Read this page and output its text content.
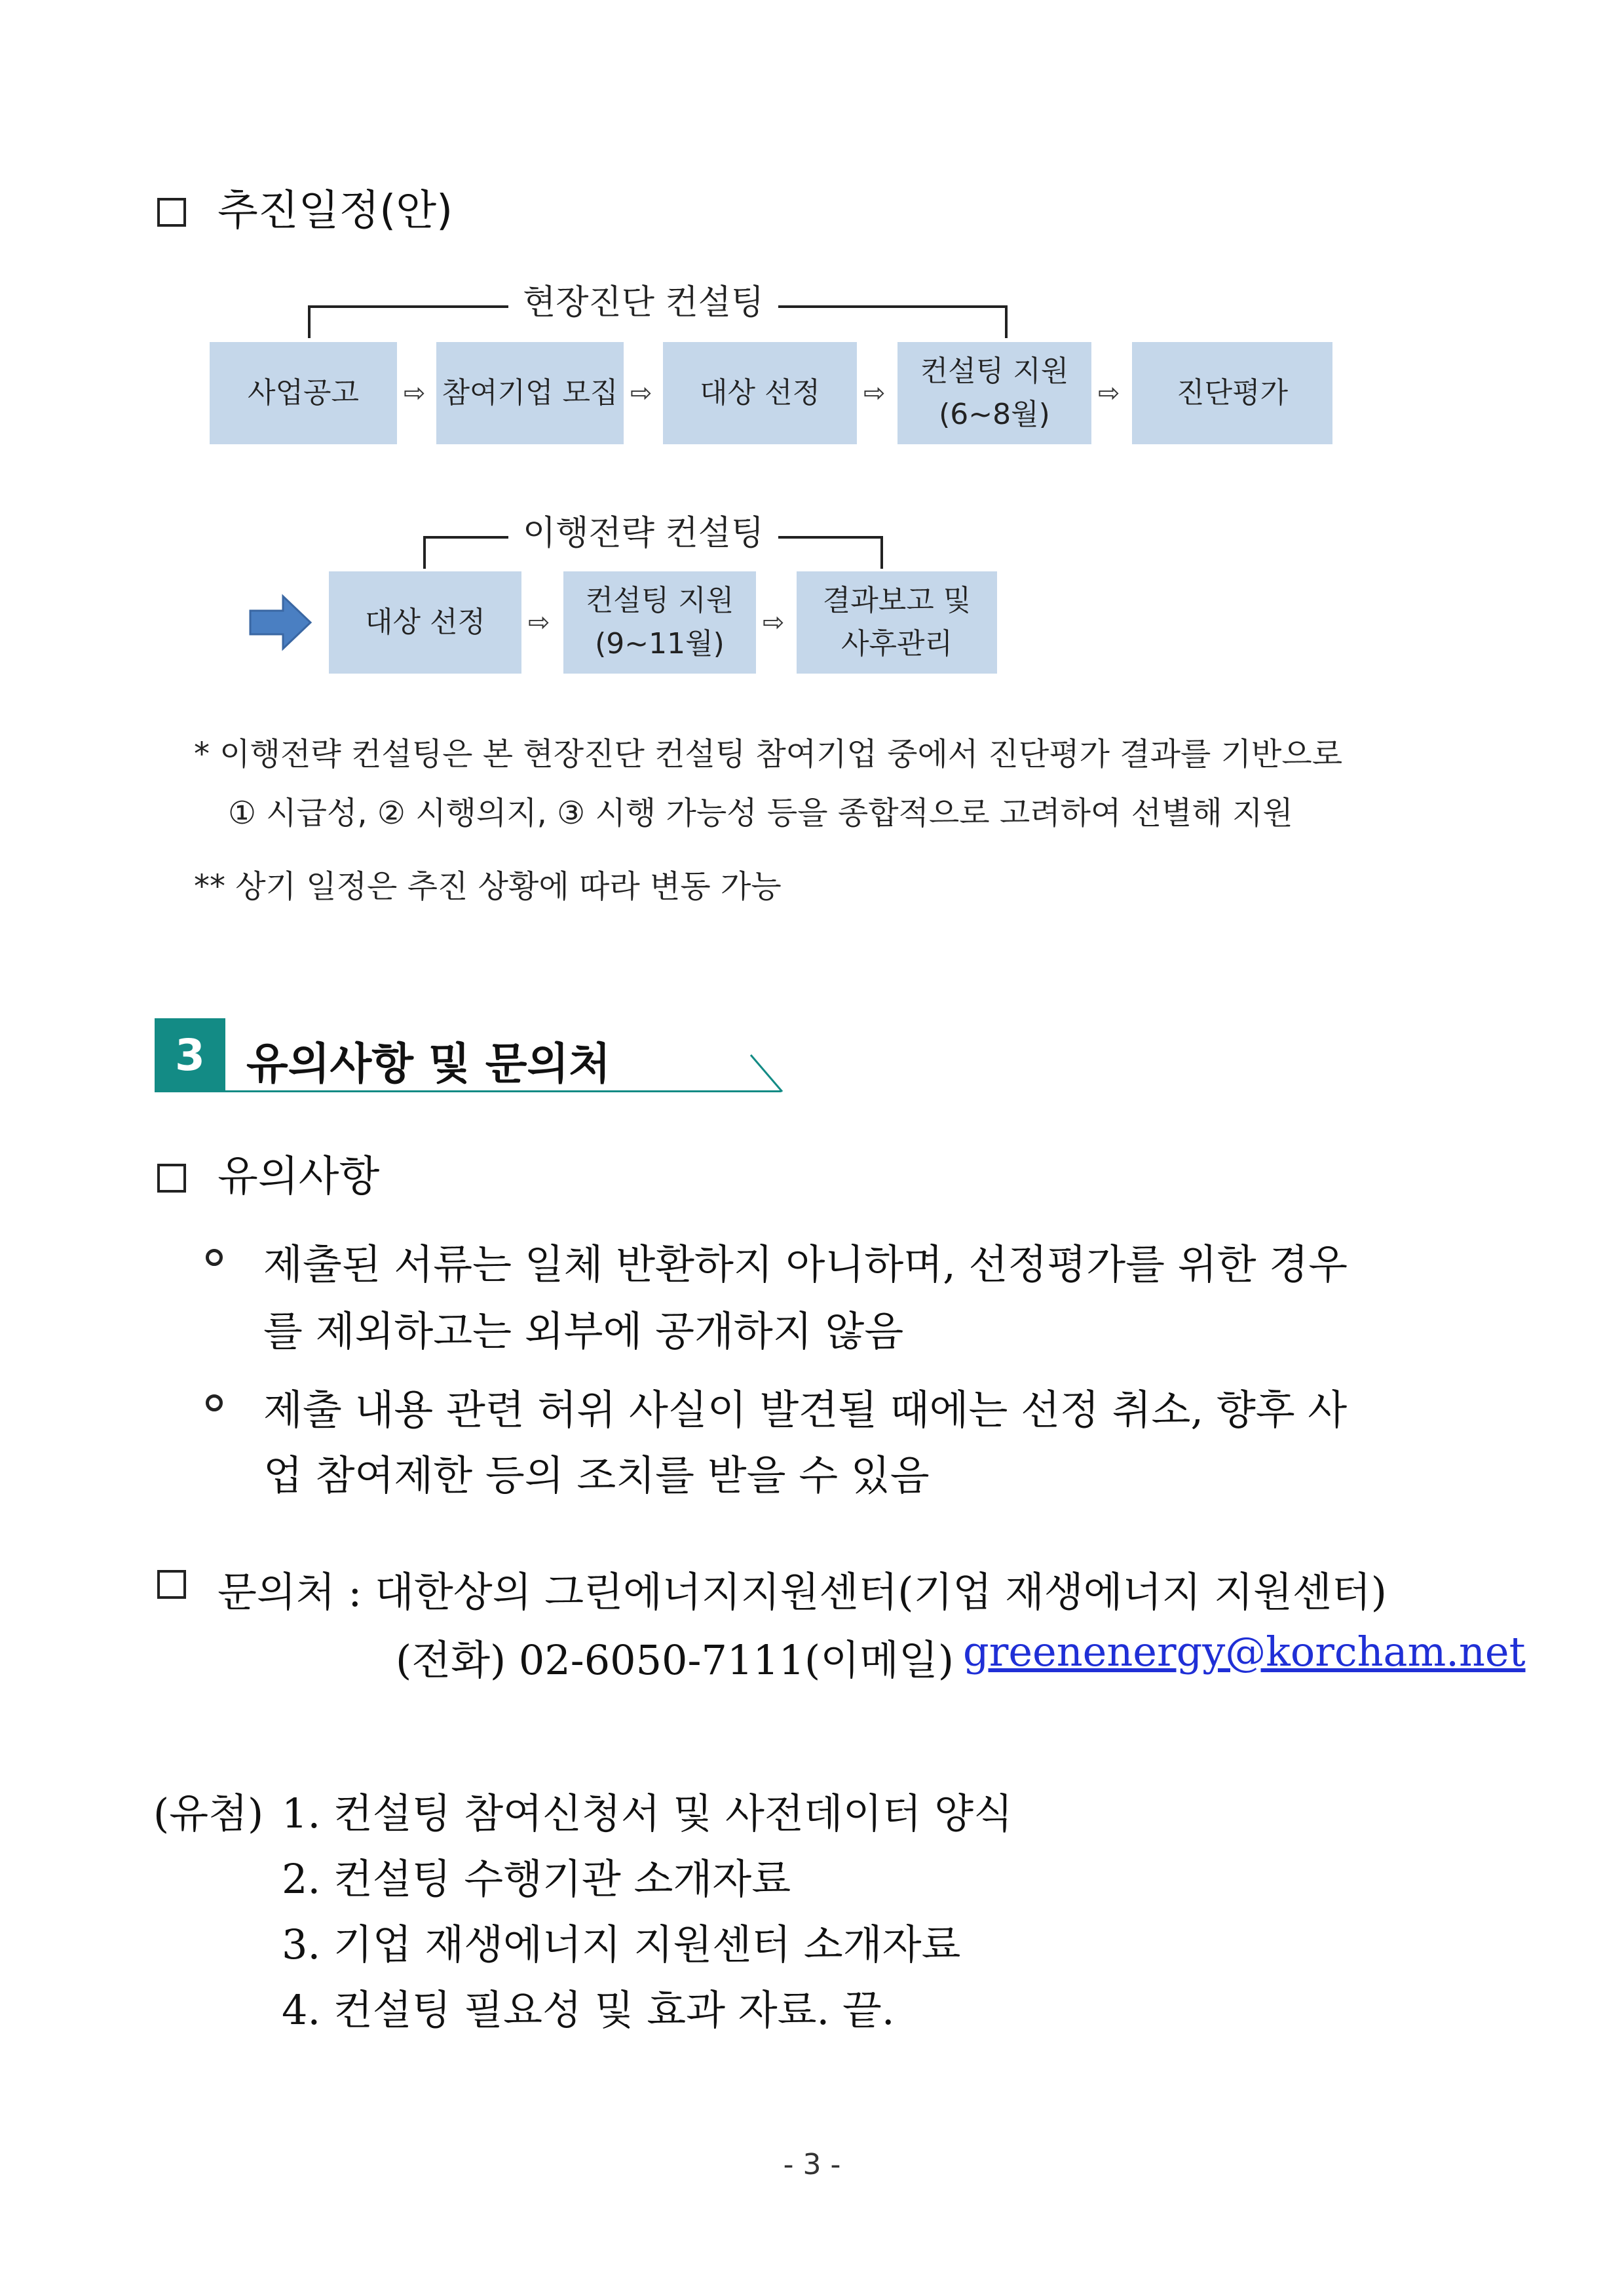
추진일정(안)
현장진단 컨설팅
사업공고 ⇨ 참여기업 모집 ⇨ 대상 선정 ⇨
컨설팅 지원
(6~8월)
⇨ 진단평가
이행전략 컨설팅
대상 선정 ⇨
컨설팅 지원
(9~11월)
⇨
결과보고 및
사후관리
* 이행전략 컨설팅은 본 현장진단 컨설팅 참여기업 중에서 진단평가 결과를 기반으로
① 시급성, ② 시행의지, ③ 시행 가능성 등을 종합적으로 고려하여 선별해 지원
** 상기 일정은 추진 상황에 따라 변동 가능
3 유의사항 및 문의처
유의사항
제출된 서류는 일체 반환하지 아니하며, 선정평가를 위한 경우
를 제외하고는 외부에 공개하지 않음
제출 내용 관련 허위 사실이 발견될 때에는 선정 취소, 향후 사
업 참여제한 등의 조치를 받을 수 있음
문의처 : 대한상의 그린에너지지원센터(기업 재생에너지 지원센터)
(전화) 02-6050-7111 (이메일) greenenergy@korcham.net
(유첨) 1. 컨설팅 참여신청서 및 사전데이터 양식
2. 컨설팅 수행기관 소개자료
3. 기업 재생에너지 지원센터 소개자료
4. 컨설팅 필요성 및 효과 자료. 끝.
- 3 -
